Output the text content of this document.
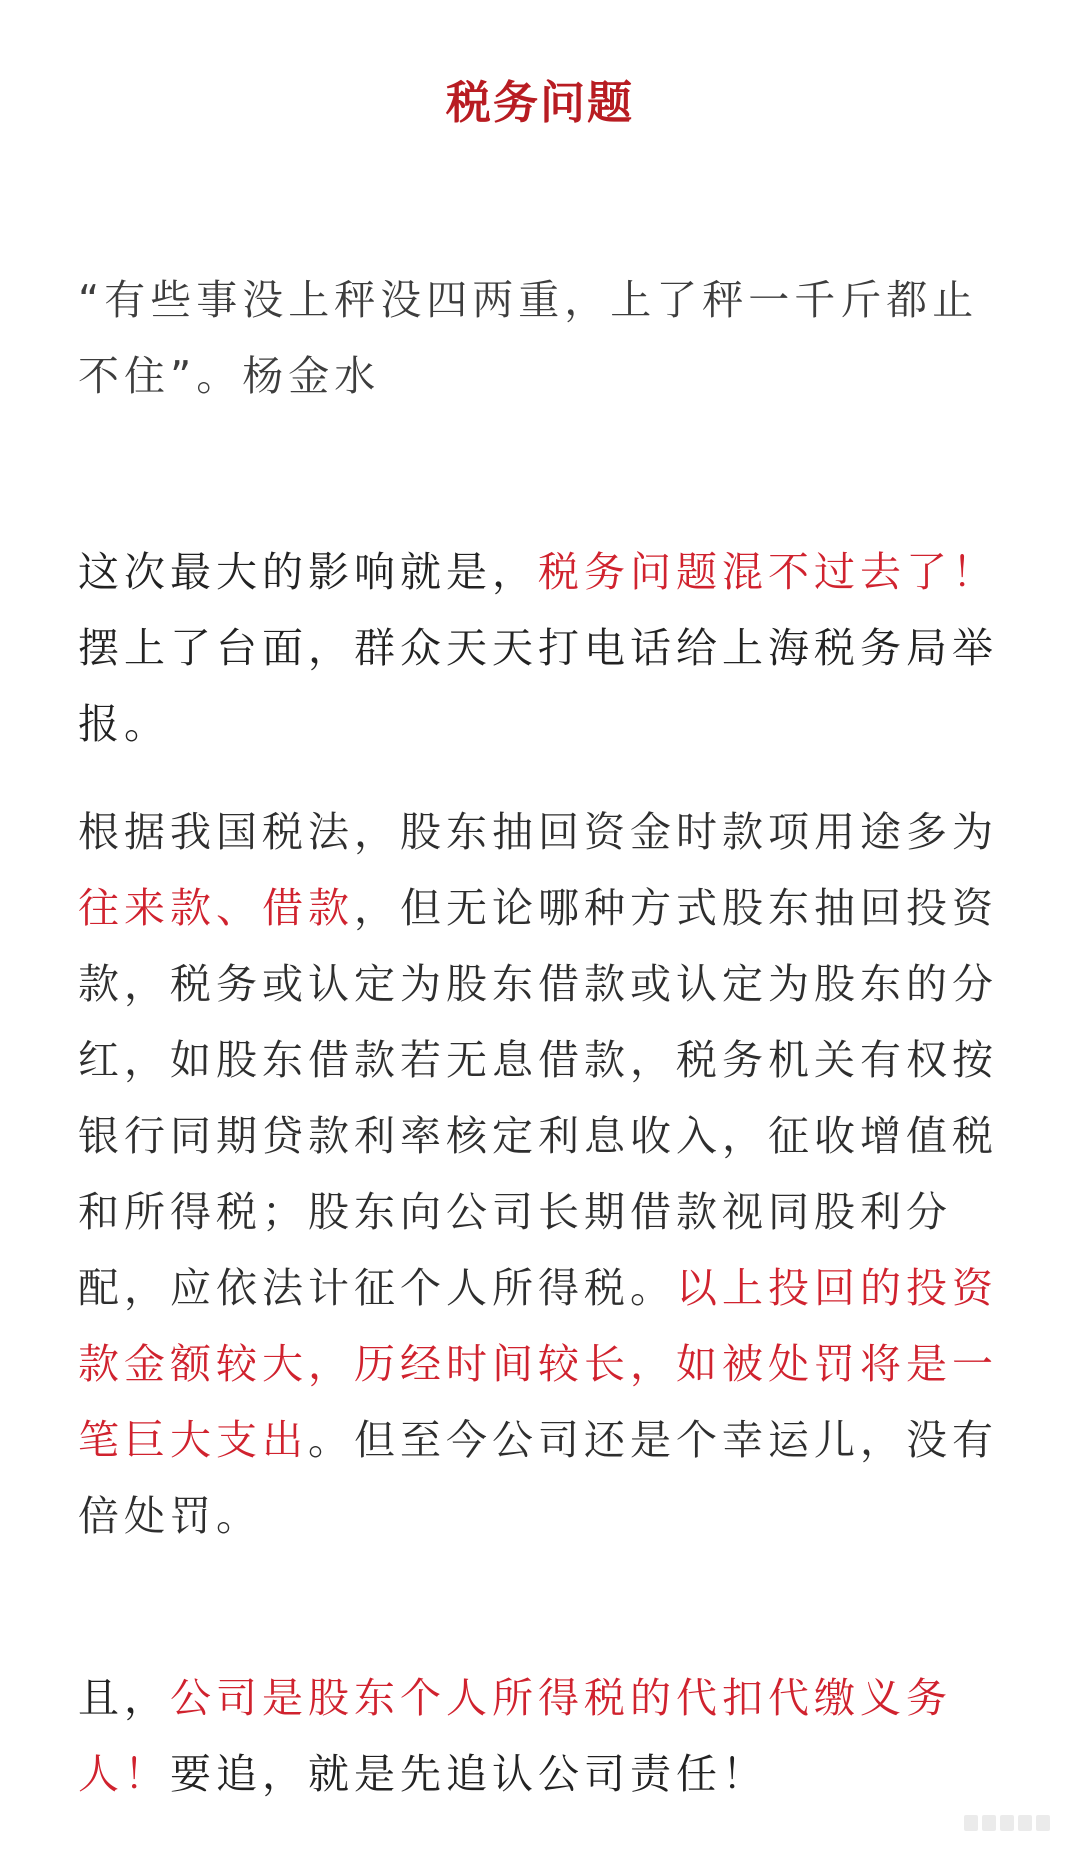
税务问题

“有些事没上秤没四两重，上了秤一千斤都止不住”。杨金水

这次最大的影响就是，税务问题混不过去了！摆上了台面，群众天天打电话给上海税务局举报。

根据我国税法，股东抽回资金时款项用途多为往来款、借款，但无论哪种方式股东抽回投资款，税务或认定为股东借款或认定为股东的分红，如股东借款若无息借款，税务机关有权按银行同期贷款利率核定利息收入，征收增值税和所得税；股东向公司长期借款视同股利分配，应依法计征个人所得税。以上投回的投资款金额较大，历经时间较长，如被处罚将是一笔巨大支出。但至今公司还是个幸运儿，没有倍处罚。

且，公司是股东个人所得税的代扣代缴义务人！要追，就是先追认公司责任！
